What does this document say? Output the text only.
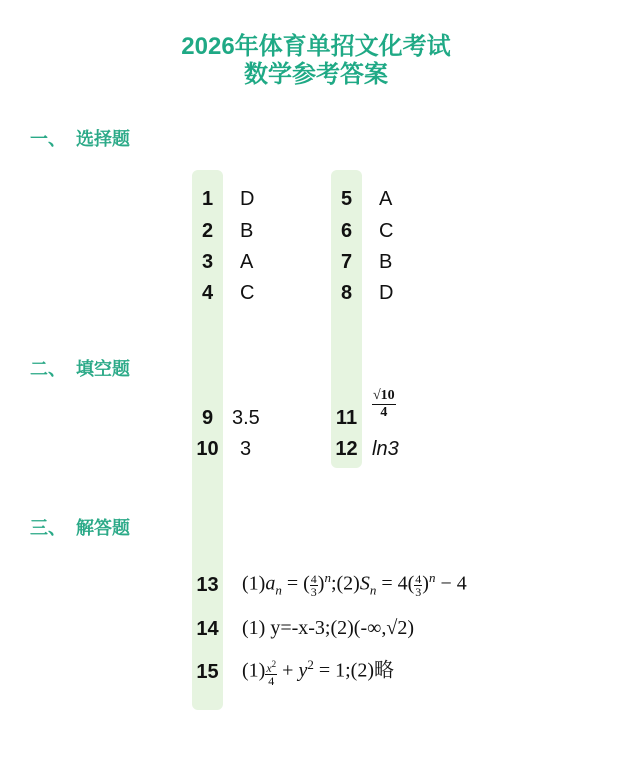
2026年体育单招文化考试
数学参考答案
一、 选择题
二、 填空题
三、 解答题
1	D
2	B
3	A
4	C
5	A
6	C
7	B
8	D
9 3.5
10 3
11	$\frac{√10}{4}$
12 ln3
13 $(1)a_n$ = ( $\frac{4}{3}$ )$^n;(2)S_n = 4( \frac{4}{3} )^n - 4$
14 (1) y=-x-3;(2)(-∞,√2)
15 $(1) \frac{x^2}{4} + y^2$ = 1;(2)略
